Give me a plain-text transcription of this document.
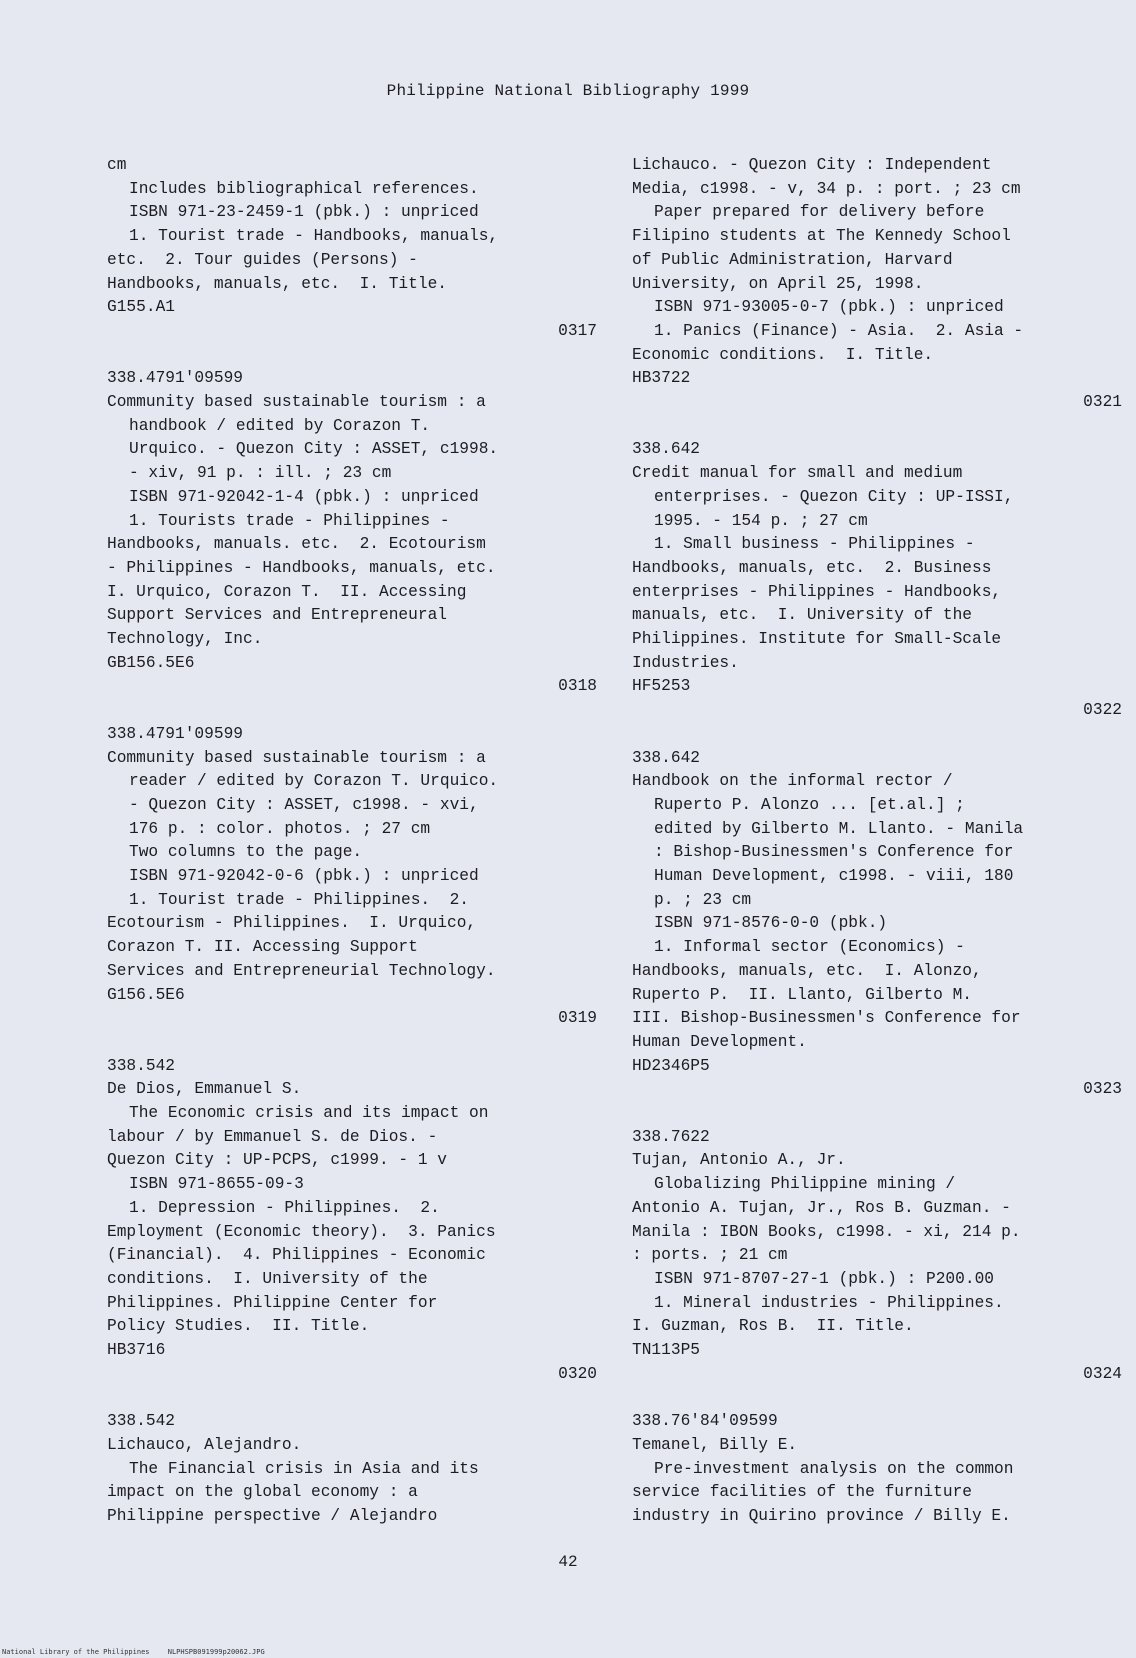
Philippine National Bibliography 1999
cm
Includes bibliographical references.
ISBN 971-23-2459-1 (pbk.) : unpriced
1. Tourist trade - Handbooks, manuals,
etc.  2. Tour guides (Persons) -
Handbooks, manuals, etc.  I. Title.
G155.A1
0317
338.4791'09599
Community based sustainable tourism : a
handbook / edited by Corazon T.
Urquico. - Quezon City : ASSET, c1998.
- xiv, 91 p. : ill. ; 23 cm
ISBN 971-92042-1-4 (pbk.) : unpriced
1. Tourists trade - Philippines -
Handbooks, manuals. etc.  2. Ecotourism
- Philippines - Handbooks, manuals, etc.
I. Urquico, Corazon T.  II. Accessing
Support Services and Entrepreneural
Technology, Inc.
GB156.5E6
0318
338.4791'09599
Community based sustainable tourism : a
reader / edited by Corazon T. Urquico.
- Quezon City : ASSET, c1998. - xvi,
176 p. : color. photos. ; 27 cm
Two columns to the page.
ISBN 971-92042-0-6 (pbk.) : unpriced
1. Tourist trade - Philippines.  2.
Ecotourism - Philippines.  I. Urquico,
Corazon T. II. Accessing Support
Services and Entrepreneurial Technology.
G156.5E6
0319
338.542
De Dios, Emmanuel S.
The Economic crisis and its impact on
labour / by Emmanuel S. de Dios. -
Quezon City : UP-PCPS, c1999. - 1 v
ISBN 971-8655-09-3
1. Depression - Philippines.  2.
Employment (Economic theory).  3. Panics
(Financial).  4. Philippines - Economic
conditions.  I. University of the
Philippines. Philippine Center for
Policy Studies.  II. Title.
HB3716
0320
338.542
Lichauco, Alejandro.
The Financial crisis in Asia and its
impact on the global economy : a
Philippine perspective / Alejandro
Lichauco. - Quezon City : Independent
Media, c1998. - v, 34 p. : port. ; 23 cm
Paper prepared for delivery before
Filipino students at The Kennedy School
of Public Administration, Harvard
University, on April 25, 1998.
ISBN 971-93005-0-7 (pbk.) : unpriced
1. Panics (Finance) - Asia.  2. Asia -
Economic conditions.  I. Title.
HB3722
0321
338.642
Credit manual for small and medium
enterprises. - Quezon City : UP-ISSI,
1995. - 154 p. ; 27 cm
1. Small business - Philippines -
Handbooks, manuals, etc.  2. Business
enterprises - Philippines - Handbooks,
manuals, etc.  I. University of the
Philippines. Institute for Small-Scale
Industries.
HF5253
0322
338.642
Handbook on the informal rector /
Ruperto P. Alonzo ... [et.al.] ;
edited by Gilberto M. Llanto. - Manila
: Bishop-Businessmen's Conference for
Human Development, c1998. - viii, 180
p. ; 23 cm
ISBN 971-8576-0-0 (pbk.)
1. Informal sector (Economics) -
Handbooks, manuals, etc.  I. Alonzo,
Ruperto P.  II. Llanto, Gilberto M.
III. Bishop-Businessmen's Conference for
Human Development.
HD2346P5
0323
338.7622
Tujan, Antonio A., Jr.
Globalizing Philippine mining /
Antonio A. Tujan, Jr., Ros B. Guzman. -
Manila : IBON Books, c1998. - xi, 214 p.
: ports. ; 21 cm
ISBN 971-8707-27-1 (pbk.) : P200.00
1. Mineral industries - Philippines.
I. Guzman, Ros B.  II. Title.
TN113P5
0324
338.76'84'09599
Temanel, Billy E.
Pre-investment analysis on the common
service facilities of the furniture
industry in Quirino province / Billy E.
42
National Library of the Philippines	NLPHSPB091999p20062.JPG
